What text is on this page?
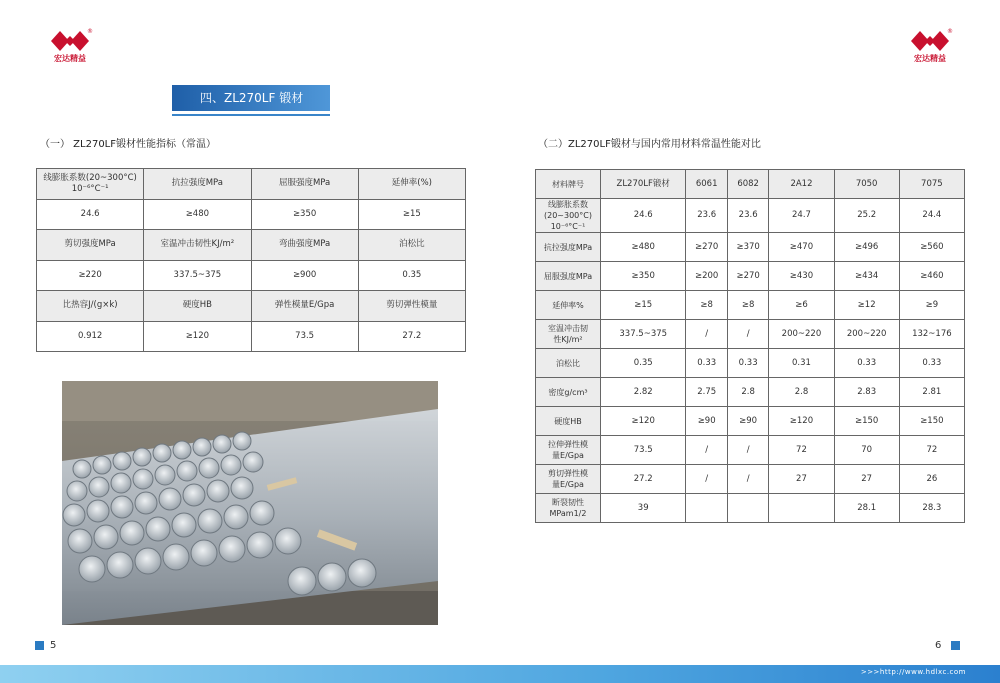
®
宏达精益
®
宏达精益
四、ZL270LF 锻材
（一） ZL270LF锻材性能指标（常温）	（二）ZL270LF锻材与国内常用材料常温性能对比
线膨胀系数(20~300°C)
10⁻⁶°C⁻¹	抗拉强度MPa	屈服强度MPa	延伸率(%)
24.6	≥480	≥350	≥15
剪切强度MPa	室温冲击韧性KJ/m²	弯曲强度MPa	泊松比
≥220	337.5~375	≥900	0.35
比热容J/(g×k)	硬度HB	弹性模量E/Gpa	剪切弹性模量
0.912	≥120	73.5	27.2
材料牌号	ZL270LF锻材	6061	6082	2A12	7050	7075
线膨胀系数
(20~300°C)
10⁻⁶°C⁻¹	24.6	23.6	23.6	24.7	25.2	24.4
抗拉强度MPa	≥480	≥270	≥370	≥470	≥496	≥560
屈服强度MPa	≥350	≥200	≥270	≥430	≥434	≥460
延伸率%	≥15	≥8	≥8	≥6	≥12	≥9
室温冲击韧
性KJ/m²	337.5~375	/	/	200~220	200~220	132~176
泊松比	0.35	0.33	0.33	0.31	0.33	0.33
密度g/cm³	2.82	2.75	2.8	2.8	2.83	2.81
硬度HB	≥120	≥90	≥90	≥120	≥150	≥150
拉伸弹性模
量E/Gpa	73.5	/	/	72	70	72
剪切弹性模
量E/Gpa	27.2	/	/	27	27	26
断裂韧性
MPam1/2	39				28.1	28.3
5	6
>>>http://www.hdlxc.com
